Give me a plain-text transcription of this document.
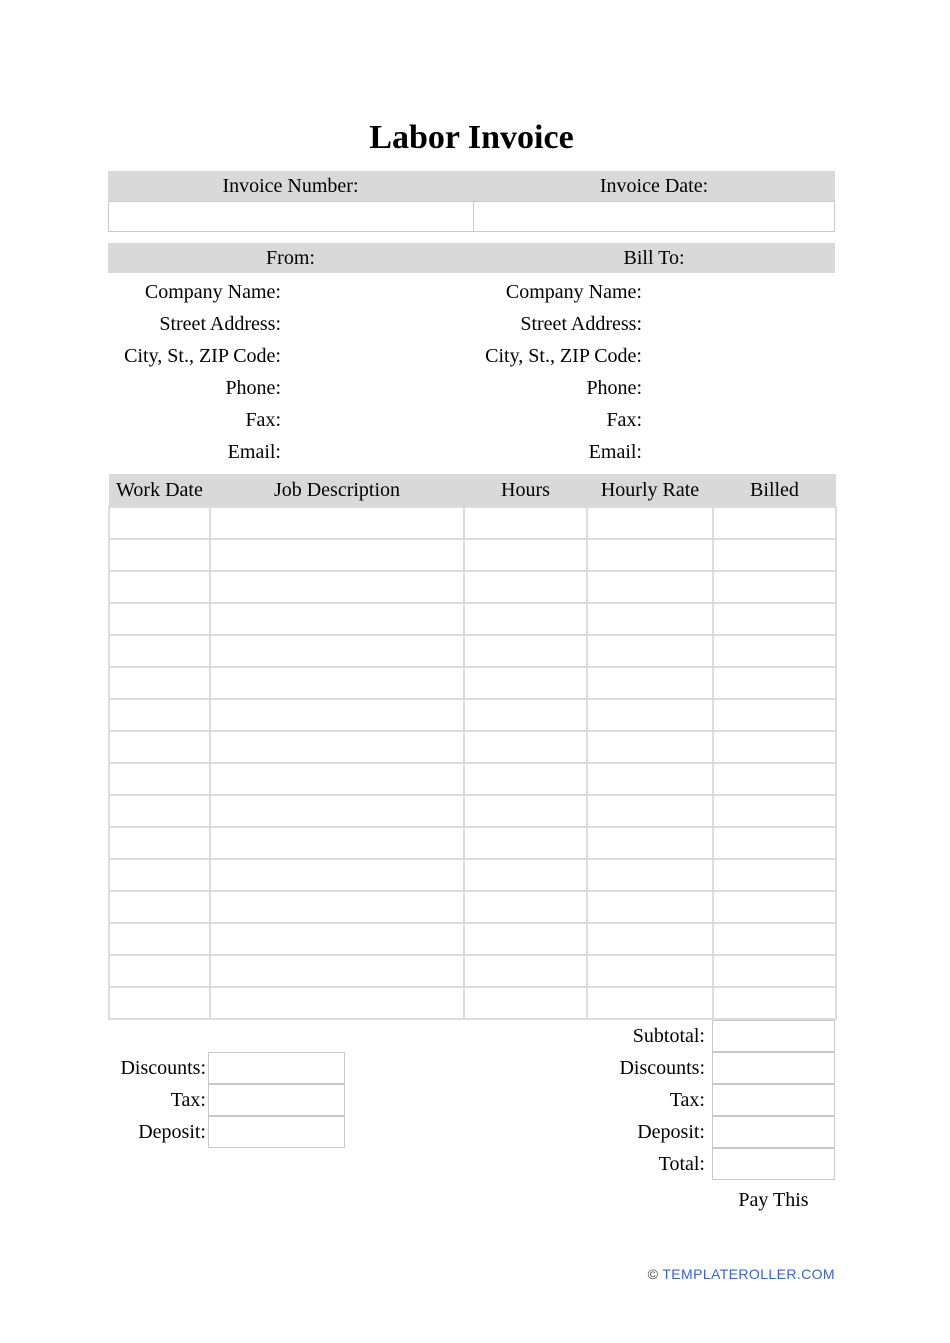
Labor Invoice
Invoice Number:	Invoice Date:
From:	Bill To:
Company Name:	Company Name:
Street Address:	Street Address:
City, St., ZIP Code:	City, St., ZIP Code:
Phone:	Phone:
Fax:	Fax:
Email:	Email:
Work Date	Job Description	Hours	Hourly Rate	Billed

Subtotal:
Discounts:	Discounts:
Tax:	Tax:
Deposit:	Deposit:
Total:
Pay This
© TEMPLATEROLLER.COM
